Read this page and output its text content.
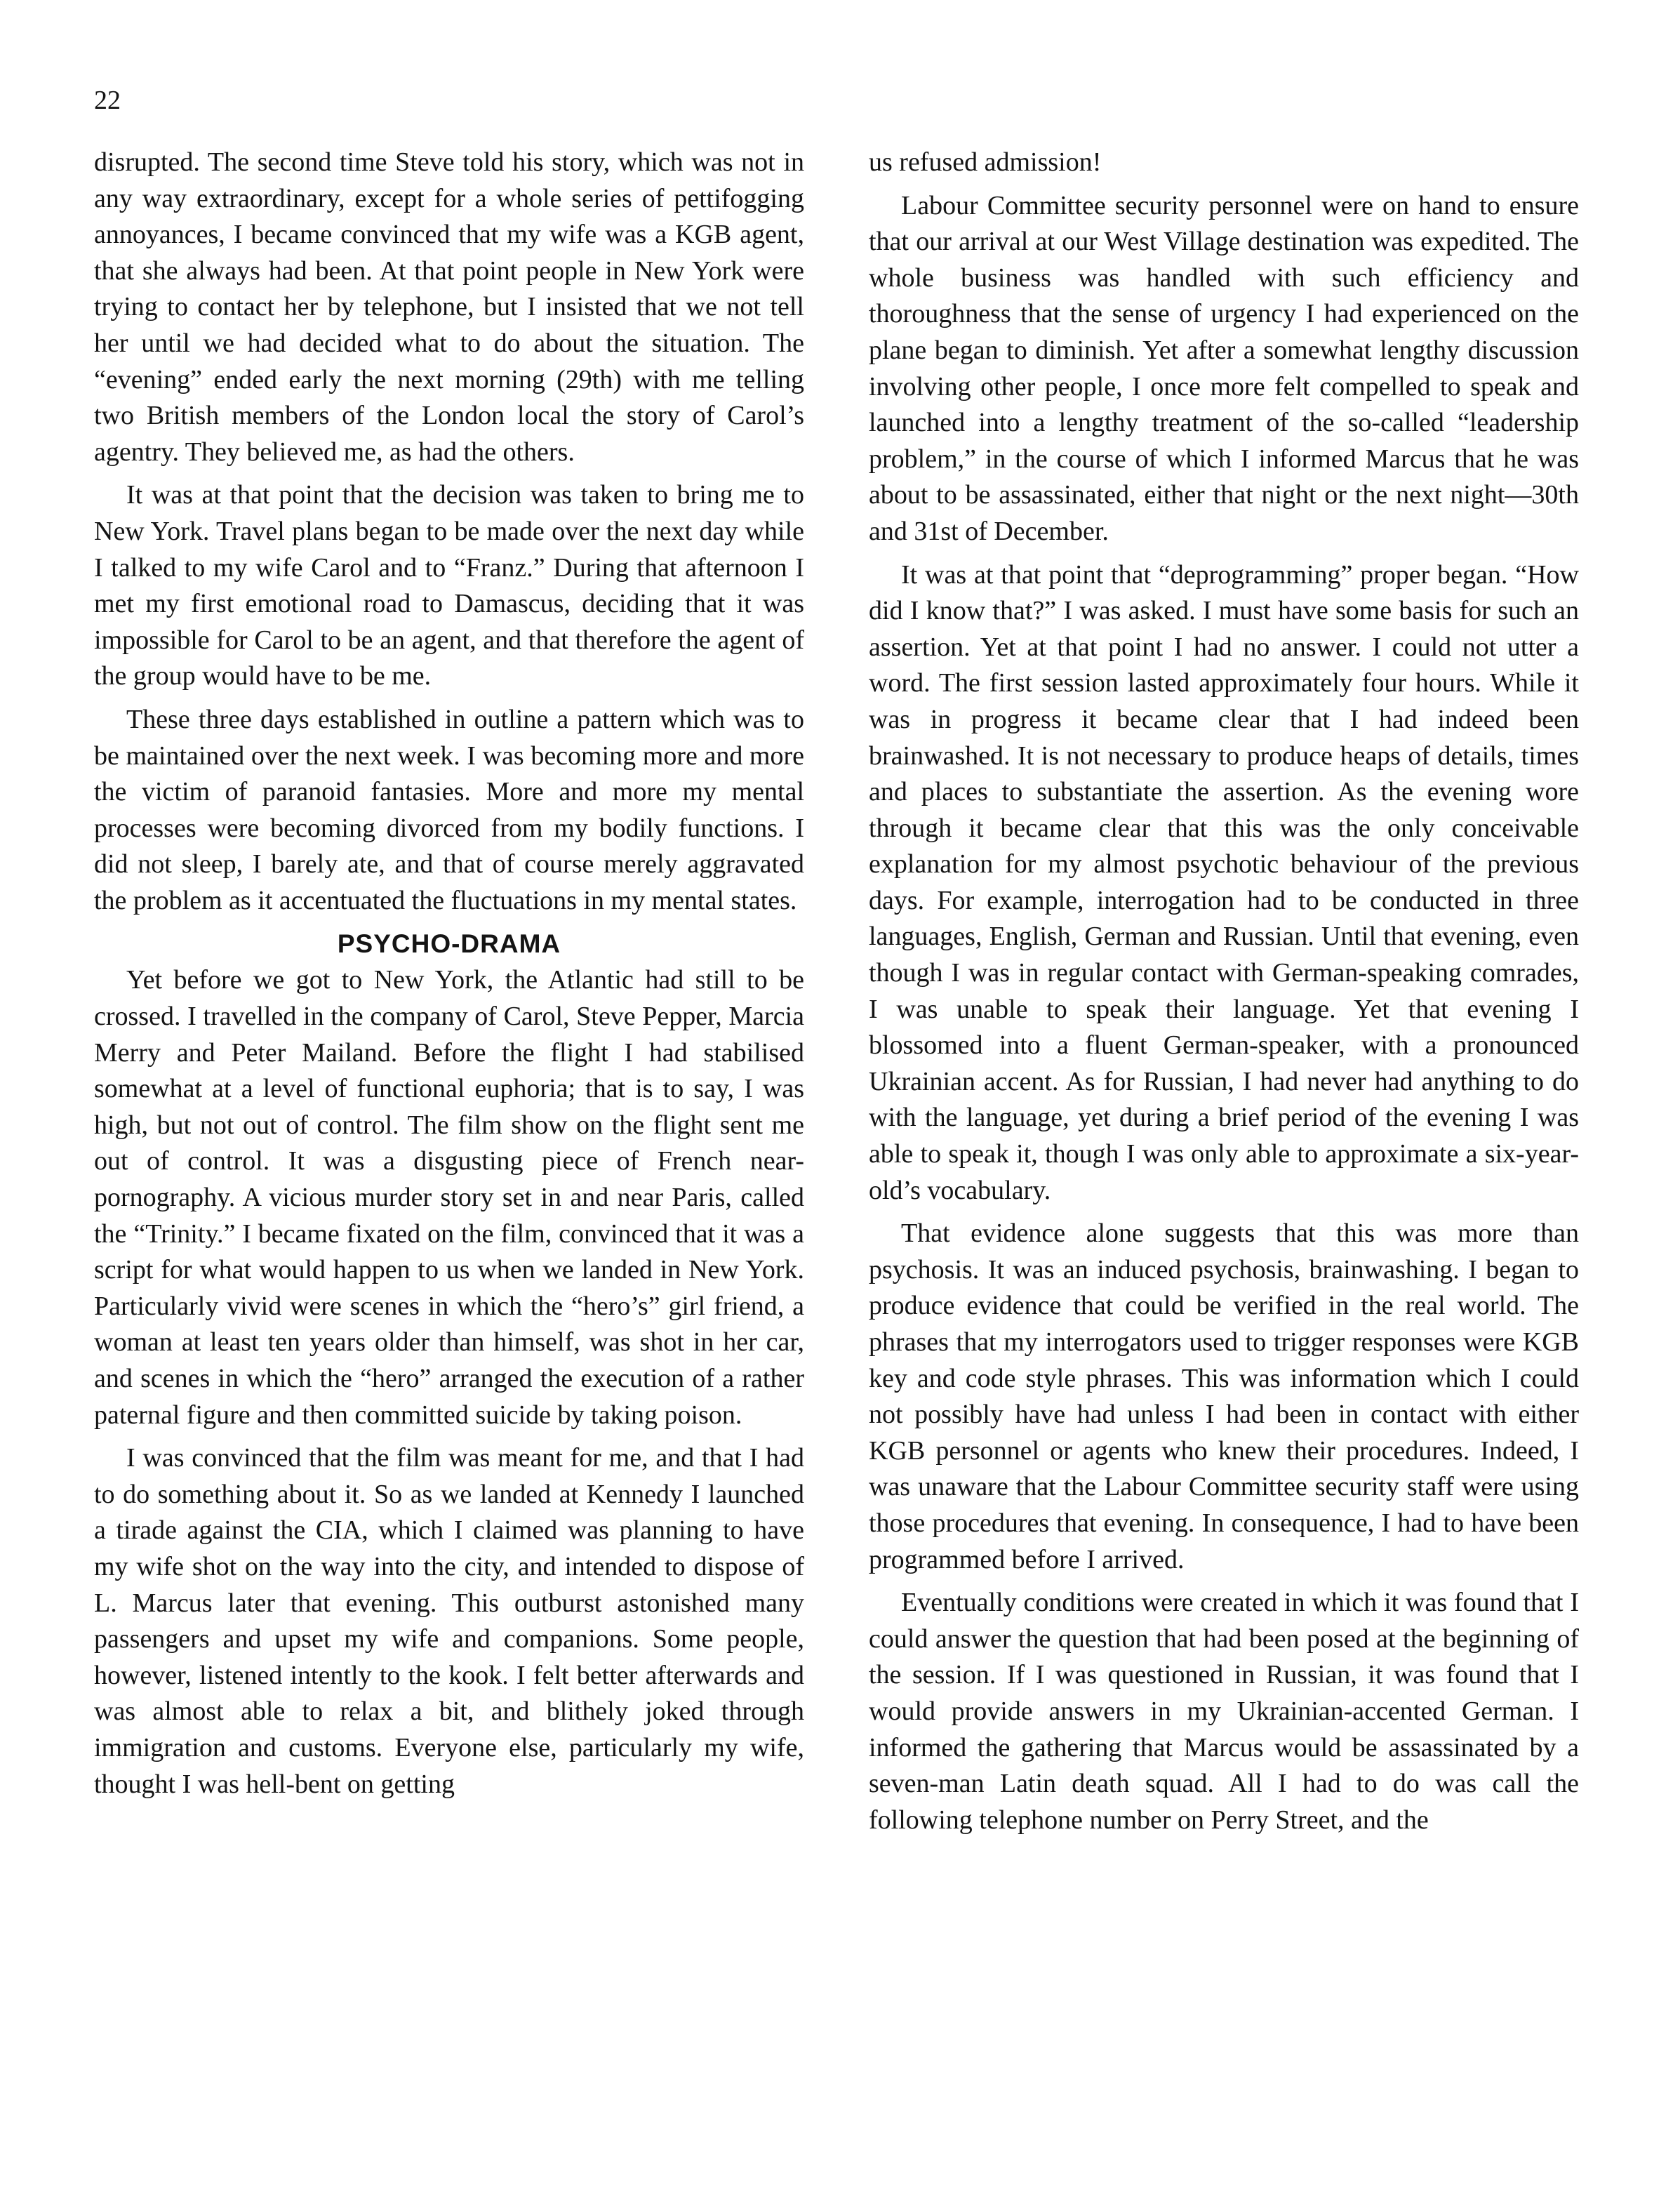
22

disrupted. The second time Steve told his story, which was not in any way extraordinary, except for a whole series of pettifogging annoyances, I became convinced that my wife was a KGB agent, that she always had been. At that point people in New York were trying to contact her by telephone, but I insisted that we not tell her until we had decided what to do about the situation. The “evening” ended early the next morning (29th) with me telling two British members of the London local the story of Carol’s agentry. They believed me, as had the others.

It was at that point that the decision was taken to bring me to New York. Travel plans began to be made over the next day while I talked to my wife Carol and to “Franz.” During that afternoon I met my first emotional road to Damascus, deciding that it was impossible for Carol to be an agent, and that therefore the agent of the group would have to be me.

These three days established in outline a pattern which was to be maintained over the next week. I was becoming more and more the victim of paranoid fantasies. More and more my mental processes were becoming divorced from my bodily functions. I did not sleep, I barely ate, and that of course merely aggravated the problem as it accentuated the fluctuations in my mental states.

PSYCHO-DRAMA

Yet before we got to New York, the Atlantic had still to be crossed. I travelled in the company of Carol, Steve Pepper, Marcia Merry and Peter Mailand. Before the flight I had stabilised somewhat at a level of functional euphoria; that is to say, I was high, but not out of control. The film show on the flight sent me out of control. It was a disgusting piece of French near-pornography. A vicious murder story set in and near Paris, called the “Trinity.” I became fixated on the film, convinced that it was a script for what would happen to us when we landed in New York. Particularly vivid were scenes in which the “hero’s” girl friend, a woman at least ten years older than himself, was shot in her car, and scenes in which the “hero” arranged the execution of a rather paternal figure and then committed suicide by taking poison.

I was convinced that the film was meant for me, and that I had to do something about it. So as we landed at Kennedy I launched a tirade against the CIA, which I claimed was planning to have my wife shot on the way into the city, and intended to dispose of L. Marcus later that evening. This outburst astonished many passengers and upset my wife and companions. Some people, however, listened intently to the kook. I felt better afterwards and was almost able to relax a bit, and blithely joked through immigration and customs. Everyone else, particularly my wife, thought I was hell-bent on getting

us refused admission!

Labour Committee security personnel were on hand to ensure that our arrival at our West Village destination was expedited. The whole business was handled with such efficiency and thoroughness that the sense of urgency I had experienced on the plane began to diminish. Yet after a somewhat lengthy discussion involving other people, I once more felt compelled to speak and launched into a lengthy treatment of the so-called “leadership problem,” in the course of which I informed Marcus that he was about to be assassinated, either that night or the next night—30th and 31st of December.

It was at that point that “deprogramming” proper began. “How did I know that?” I was asked. I must have some basis for such an assertion. Yet at that point I had no answer. I could not utter a word. The first session lasted approximately four hours. While it was in progress it became clear that I had indeed been brainwashed. It is not necessary to produce heaps of details, times and places to substantiate the assertion. As the evening wore through it became clear that this was the only conceivable explanation for my almost psychotic behaviour of the previous days. For example, interrogation had to be conducted in three languages, English, German and Russian. Until that evening, even though I was in regular contact with German-speaking comrades, I was unable to speak their language. Yet that evening I blossomed into a fluent German-speaker, with a pronounced Ukrainian accent. As for Russian, I had never had anything to do with the language, yet during a brief period of the evening I was able to speak it, though I was only able to approximate a six-year-old’s vocabulary.

That evidence alone suggests that this was more than psychosis. It was an induced psychosis, brainwashing. I began to produce evidence that could be verified in the real world. The phrases that my interrogators used to trigger responses were KGB key and code style phrases. This was information which I could not possibly have had unless I had been in contact with either KGB personnel or agents who knew their procedures. Indeed, I was unaware that the Labour Committee security staff were using those procedures that evening. In consequence, I had to have been programmed before I arrived.

Eventually conditions were created in which it was found that I could answer the question that had been posed at the beginning of the session. If I was questioned in Russian, it was found that I would provide answers in my Ukrainian-accented German. I informed the gathering that Marcus would be assassinated by a seven-man Latin death squad. All I had to do was call the following telephone number on Perry Street, and the
